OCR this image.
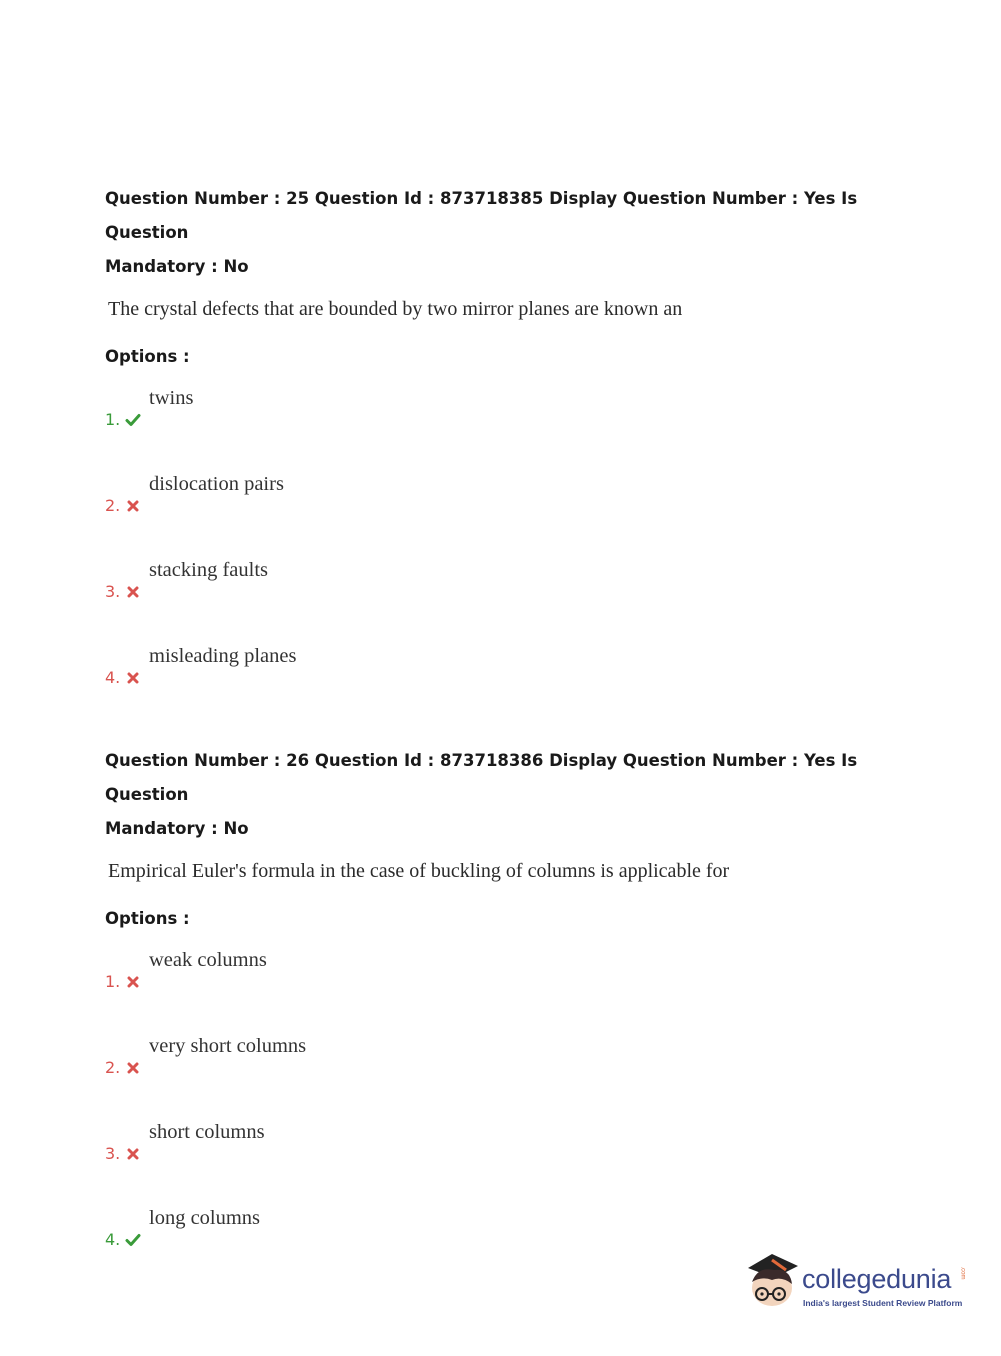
Question Number : 25 Question Id : 873718385 Display Question Number : Yes Is Question

Mandatory : No

The crystal defects that are bounded by two mirror planes are known an
Options :
1.
twins
2.
dislocation pairs
3.
stacking faults
4.
misleading planes

Question Number : 26 Question Id : 873718386 Display Question Number : Yes Is Question

Mandatory : No

Empirical Euler's formula in the case of buckling of columns is applicable for
Options :
1.
weak columns
2.
very short columns
3.
short columns
4.
long columns
collegedunia .com
India's largest Student Review Platform
